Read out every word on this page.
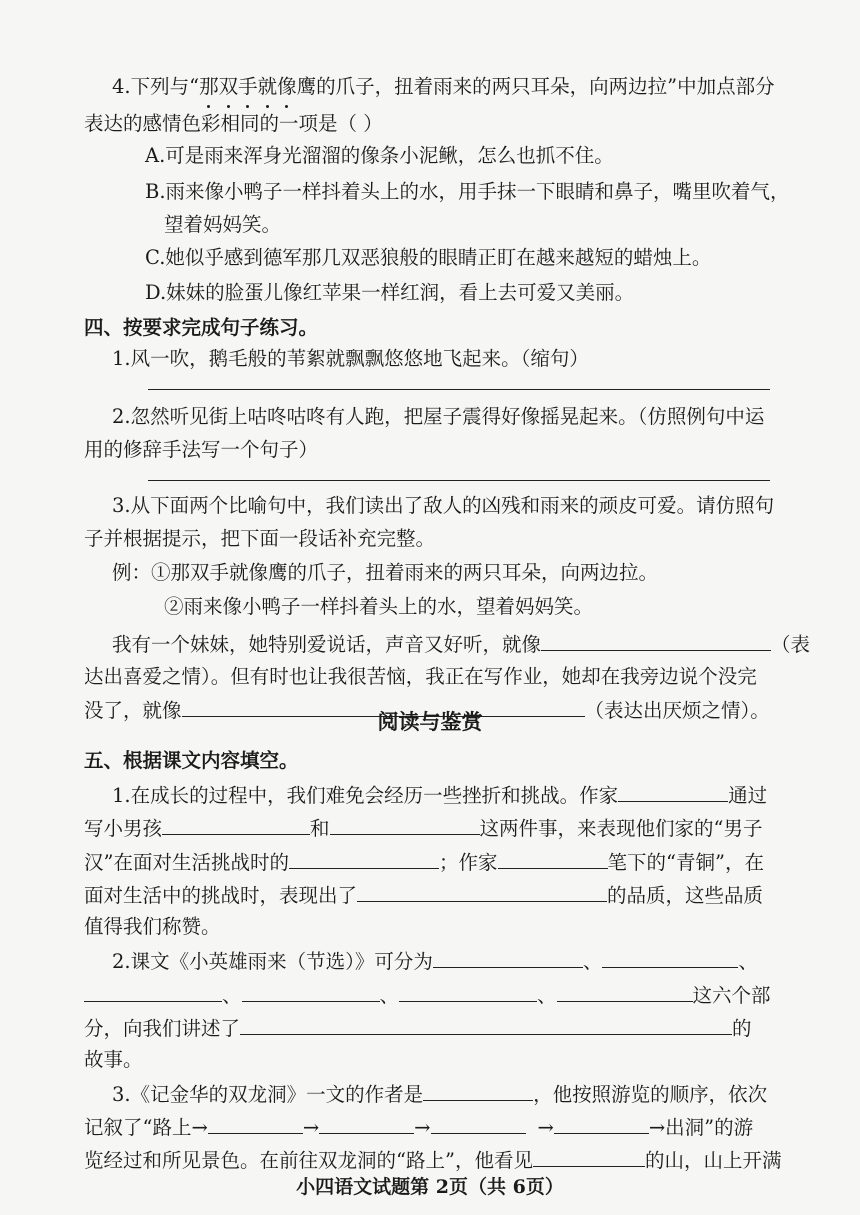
4.下列与“那双手就像鹰的爪子，扭着雨来的两只耳朵，向两边拉”中加点部分
表达的感情色彩相同的一项是（ ）
A.可是雨来浑身光溜溜的像条小泥鳅，怎么也抓不住。
B.雨来像小鸭子一样抖着头上的水，用手抹一下眼睛和鼻子，嘴里吹着气，
望着妈妈笑。
C.她似乎感到德军那几双恶狼般的眼睛正盯在越来越短的蜡烛上。
D.妹妹的脸蛋儿像红苹果一样红润，看上去可爱又美丽。
四、按要求完成句子练习。
1.风一吹，鹅毛般的苇絮就飘飘悠悠地飞起来。（缩句）
2.忽然听见街上咕咚咕咚有人跑，把屋子震得好像摇晃起来。（仿照例句中运
用的修辞手法写一个句子）
3.从下面两个比喻句中，我们读出了敌人的凶残和雨来的顽皮可爱。请仿照句
子并根据提示，把下面一段话补充完整。
例：①那双手就像鹰的爪子，扭着雨来的两只耳朵，向两边拉。
②雨来像小鸭子一样抖着头上的水，望着妈妈笑。
我有一个妹妹，她特别爱说话，声音又好听，就像	（表
达出喜爱之情）。但有时也让我很苦恼，我正在写作业，她却在我旁边说个没完
没了，就像	（表达出厌烦之情）。
阅读与鉴赏
五、根据课文内容填空。
1.在成长的过程中，我们难免会经历一些挫折和挑战。作家	通过
写小男孩	和	这两件事，来表现他们家的“男子
汉”在面对生活挑战时的	；作家	笔下的“青铜”，在
面对生活中的挑战时，表现出了	的品质，这些品质
值得我们称赞。
2.课文《小英雄雨来（节选）》可分为	、	、
、	、	、	这六个部
分，向我们讲述了	的
故事。
3.《记金华的双龙洞》一文的作者是	，他按照游览的顺序，依次
记叙了“路上→	→	→	→	→出洞”的游
览经过和所见景色。在前往双龙洞的“路上”，他看见	的山，山上开满
小四语文试题第 2页（共 6页）
